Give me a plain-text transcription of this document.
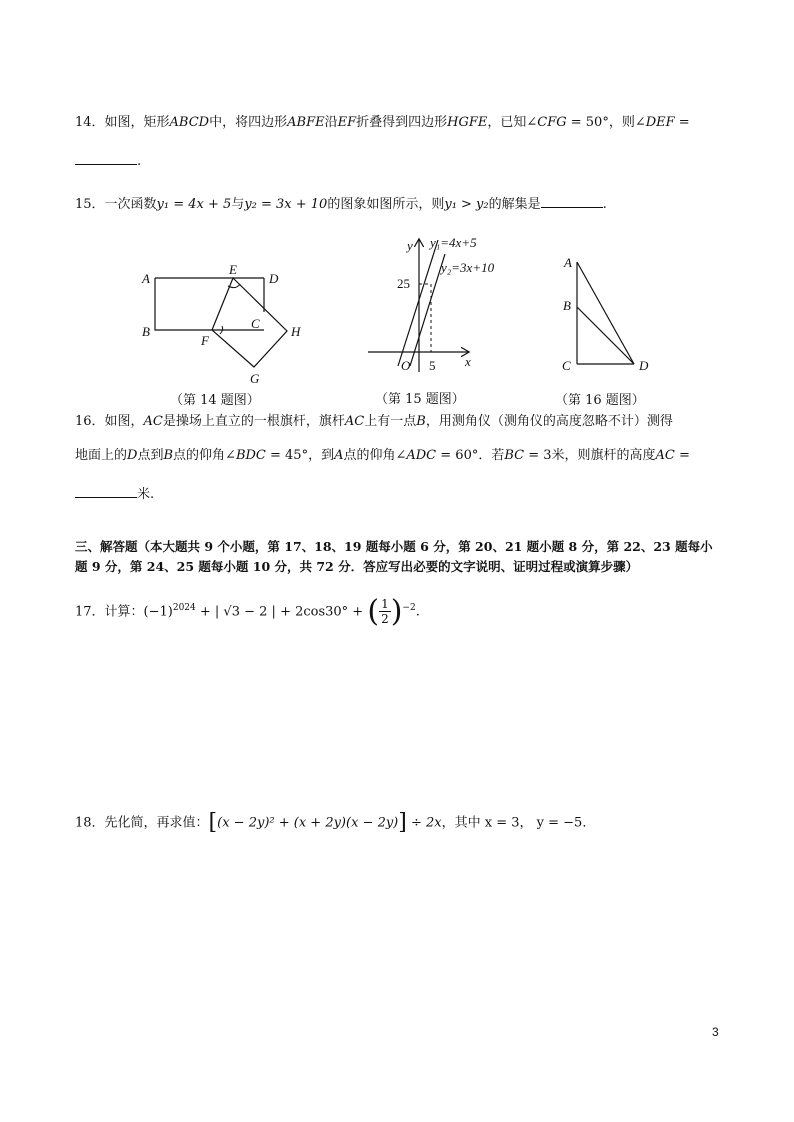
14．如图，矩形ABCD中，将四边形ABFE沿EF折叠得到四边形HGFE，已知∠CFG = 50°，则∠DEF =
.
15．一次函数y₁ = 4x + 5与y₂ = 3x + 10的图象如图所示，则y₁ > y₂的解集是	.
A
B
C
D
E
F
G
H
（第 14 题图）
y
x
O
25
5
y₁=4x+5
y₂=3x+10
（第 15 题图）
A
B
C	D
（第 16 题图）
16．如图，AC是操场上直立的一根旗杆，旗杆AC上有一点B，用测角仪（测角仪的高度忽略不计）测得
地面上的D点到B点的仰角∠BDC = 45°，到A点的仰角∠ADC = 60°．若BC = 3米，则旗杆的高度AC =
米.
三、解答题（本大题共 9 个小题，第 17、18、19 题每小题 6 分，第 20、21 题小题 8 分，第 22、23 题每小
题 9 分，第 24、25 题每小题 10 分，共 72 分．答应写出必要的文字说明、证明过程或演算步骤）
17．计算：$(-1)^{2024}$ + | √3 − 2 | + 2cos30° + ( $\frac{1}{2} )^{-2}$.
18．先化简，再求值：[(x − 2y)² + (x + 2y)(x − 2y)] ÷ 2x，其中 x = 3， y = −5．
3
